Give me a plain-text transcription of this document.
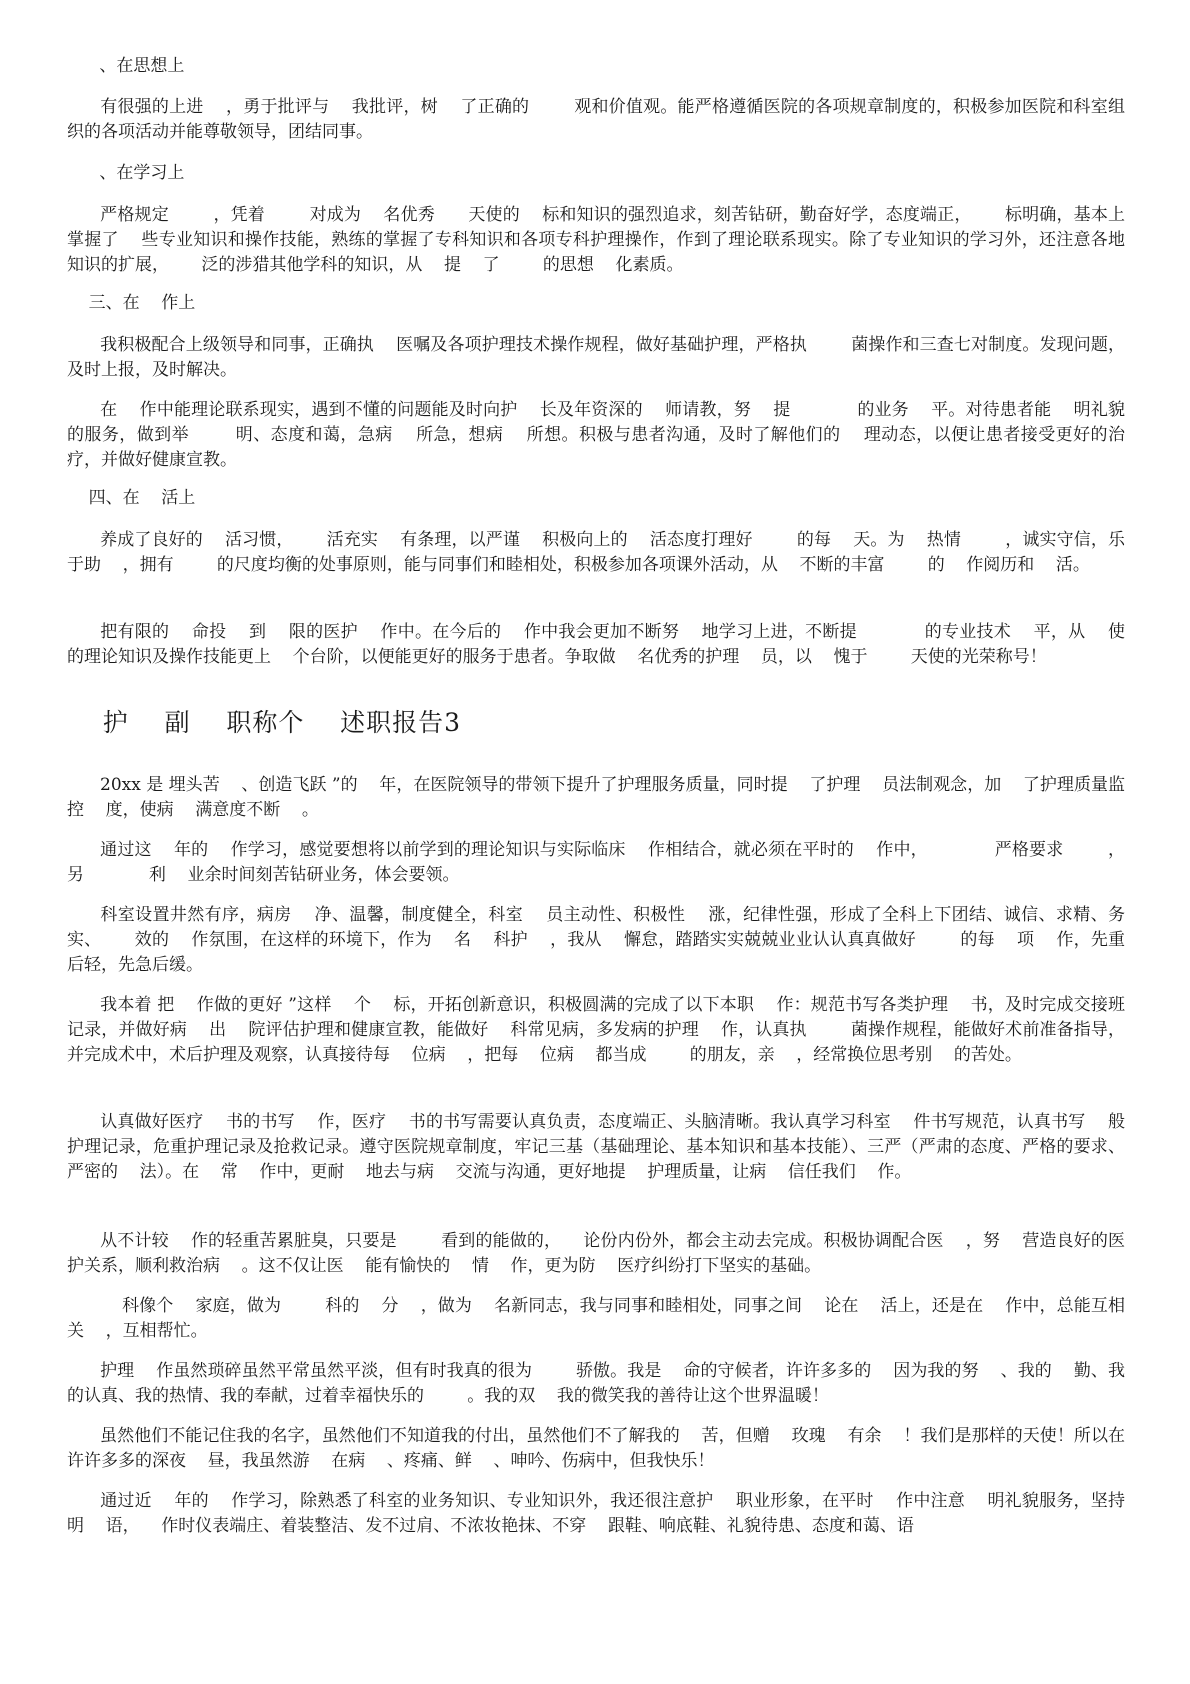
、在思想上
有很强的上进    ，勇于批评与    我批评，树    了正确的        观和价值观。能严格遵循医院的各项规章制度的，积极参加医院和科室组织的各项活动并能尊敬领导，团结同事。
、在学习上
严格规定        ，凭着        对成为    名优秀      天使的    标和知识的强烈追求，刻苦钻研，勤奋好学，态度端正，      标明确，基本上掌握了    些专业知识和操作技能，熟练的掌握了专科知识和各项专科护理操作，作到了理论联系现实。除了专业知识的学习外，还注意各地    知识的扩展，      泛的涉猎其他学科的知识，从    提    了        的思想    化素质。
三、在    作上
我积极配合上级领导和同事，正确执    医嘱及各项护理技术操作规程，做好基础护理，严格执        菌操作和三查七对制度。发现问题，及时上报，及时解决。
在    作中能理论联系现实，遇到不懂的问题能及时向护    长及年资深的    师请教，努    提            的业务    平。对待患者能    明礼貌的服务，做到举        明、态度和蔼，急病    所急，想病    所想。积极与患者沟通，及时了解他们的    理动态，以便让患者接受更好的治疗，并做好健康宣教。
四、在    活上
养成了良好的    活习惯，      活充实    有条理，以严谨    积极向上的    活态度打理好        的每    天。为    热情        ，诚实守信，乐于助    ，拥有        的尺度均衡的处事原则，能与同事们和睦相处，积极参加各项课外活动，从    不断的丰富        的    作阅历和    活。
把有限的    命投    到    限的医护    作中。在今后的    作中我会更加不断努    地学习上进，不断提            的专业技术    平，从    使        的理论知识及操作技能更上    个台阶，以便能更好的服务于患者。争取做    名优秀的护理    员，以    愧于        天使的光荣称号！
护    副    职称个    述职报告3
20xx 是 埋头苦    、创造飞跃 ”的    年，在医院领导的带领下提升了护理服务质量，同时提    了护理    员法制观念，加    了护理质量监控    度，使病    满意度不断    。
通过这    年的    作学习，感觉要想将以前学到的理论知识与实际临床    作相结合，就必须在平时的    作中，            严格要求        ，另            利    业余时间刻苦钻研业务，体会要领。
科室设置井然有序，病房    净、温馨，制度健全，科室    员主动性、积极性    涨，纪律性强，形成了全科上下团结、诚信、求精、务实、      效的    作氛围，在这样的环境下，作为    名    科护    ，我从    懈怠，踏踏实实兢兢业业认认真真做好        的每    项    作，先重后轻，先急后缓。
我本着 把    作做的更好 ”这样    个    标，开拓创新意识，积极圆满的完成了以下本职    作：规范书写各类护理    书，及时完成交接班记录，并做好病    出    院评估护理和健康宣教，能做好    科常见病，多发病的护理    作，认真执        菌操作规程，能做好术前准备指导，并完成术中，术后护理及观察，认真接待每    位病    ，把每    位病    都当成        的朋友，亲    ，经常换位思考别    的苦处。
认真做好医疗    书的书写    作，医疗    书的书写需要认真负责，态度端正、头脑清晰。我认真学习科室    件书写规范，认真书写    般护理记录，危重护理记录及抢救记录。遵守医院规章制度，牢记三基（基础理论、基本知识和基本技能）、三严（严肃的态度、严格的要求、严密的    法）。在    常    作中，更耐    地去与病    交流与沟通，更好地提    护理质量，让病    信任我们    作。
从不计较    作的轻重苦累脏臭，只要是        看到的能做的，    论份内份外，都会主动去完成。积极协调配合医    ，努    营造良好的医护关系，顺利救治病    。这不仅让医    能有愉快的    情    作，更为防    医疗纠纷打下坚实的基础。
科像个    家庭，做为        科的    分    ，做为    名新同志，我与同事和睦相处，同事之间    论在    活上，还是在    作中，总能互相关    ，互相帮忙。
护理    作虽然琐碎虽然平常虽然平淡，但有时我真的很为        骄傲。我是    命的守候者，许许多多的    因为我的努    、我的    勤、我的认真、我的热情、我的奉献，过着幸福快乐的        。我的双    我的微笑我的善待让这个世界温暖！
虽然他们不能记住我的名字，虽然他们不知道我的付出，虽然他们不了解我的    苦，但赠    玫瑰    有余    ！我们是那样的天使！所以在许许多多的深夜    昼，我虽然游    在病    、疼痛、鲜    、呻吟、伤病中，但我快乐！
通过近    年的    作学习，除熟悉了科室的业务知识、专业知识外，我还很注意护    职业形象，在平时    作中注意    明礼貌服务，坚持    明    语，    作时仪表端庄、着装整洁、发不过肩、不浓妆艳抹、不穿    跟鞋、响底鞋、礼貌待患、态度和蔼、语
